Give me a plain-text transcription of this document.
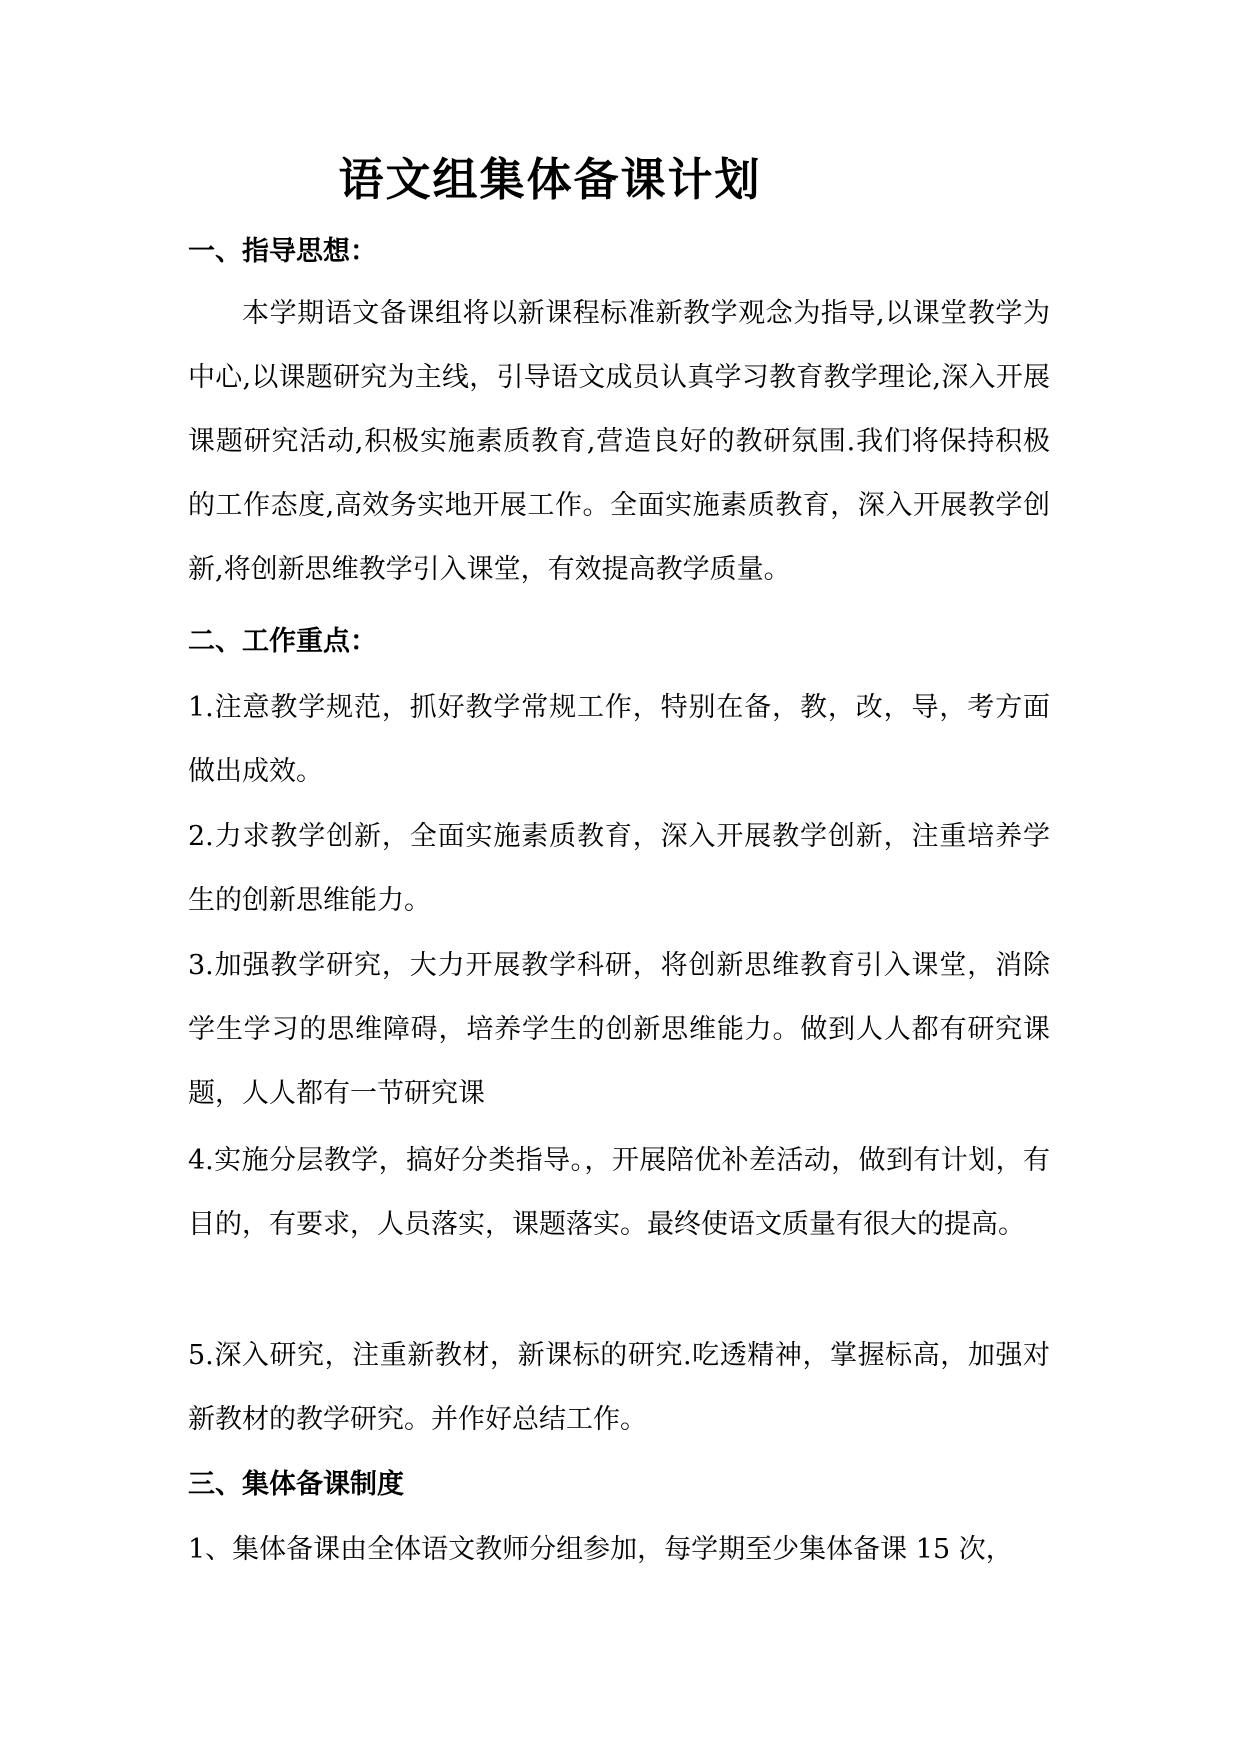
语文组集体备课计划
一、指导思想：

本学期语文备课组将以新课程标准新教学观念为指导,以课堂教学为中心,以课题研究为主线，引导语文成员认真学习教育教学理论,深入开展课题研究活动,积极实施素质教育,营造良好的教研氛围.我们将保持积极的工作态度,高效务实地开展工作。全面实施素质教育，深入开展教学创新,将创新思维教学引入课堂，有效提高教学质量。

二、工作重点：

1.注意教学规范，抓好教学常规工作，特别在备，教，改，导，考方面做出成效。

2.力求教学创新，全面实施素质教育，深入开展教学创新，注重培养学生的创新思维能力。

3.加强教学研究，大力开展教学科研，将创新思维教育引入课堂，消除学生学习的思维障碍，培养学生的创新思维能力。做到人人都有研究课题，人人都有一节研究课

4.实施分层教学，搞好分类指导。，开展陪优补差活动，做到有计划，有目的，有要求，人员落实，课题落实。最终使语文质量有很大的提高。

5.深入研究，注重新教材，新课标的研究.吃透精神，掌握标高，加强对新教材的教学研究。并作好总结工作。

三、集体备课制度

1、集体备课由全体语文教师分组参加，每学期至少集体备课 15 次，
